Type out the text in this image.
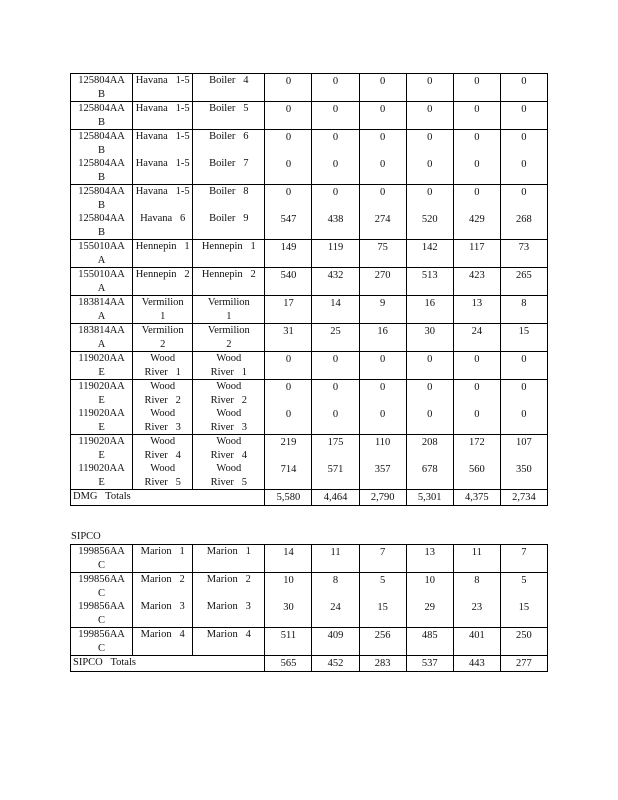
125804AA
B	Havana   1-5	Boiler   4	0	0	0	0	0	0

125804AA
B	Havana   1-5	Boiler   5	0	0	0	0	0	0

125804AA
B	Havana   1-5	Boiler   6	0	0	0	0	0	0

125804AA
B	Havana   1-5	Boiler   7	0	0	0	0	0	0

125804AA
B	Havana   1-5	Boiler   8	0	0	0	0	0	0

125804AA
B	Havana   6	Boiler   9	547	438	274	520	429	268

155010AA
A	Hennepin   1	Hennepin   1	149	119	75	142	117	73

155010AA
A	Hennepin   2	Hennepin   2	540	432	270	513	423	265

183814AA
A	Vermilion
1	Vermilion
1	17	14	9	16	13	8

183814AA
A	Vermilion
2	Vermilion
2	31	25	16	30	24	15

119020AA
E	Wood
River   1	Wood
River   1	0	0	0	0	0	0

119020AA
E	Wood
River   2	Wood
River   2	0	0	0	0	0	0

119020AA
E	Wood
River   3	Wood
River   3	0	0	0	0	0	0

119020AA
E	Wood
River   4	Wood
River   4	219	175	110	208	172	107

119020AA
E	Wood
River   5	Wood
River   5	714	571	357	678	560	350
DMG   Totals			5,580	4,464	2,790	5,301	4,375	2,734
SIPCO
199856AA
C	Marion   1	Marion   1	14	11	7	13	11	7

199856AA
C	Marion   2	Marion   2	10	8	5	10	8	5

199856AA
C	Marion   3	Marion   3	30	24	15	29	23	15

199856AA
C	Marion   4	Marion   4	511	409	256	485	401	250
SIPCO   Totals			565	452	283	537	443	277
